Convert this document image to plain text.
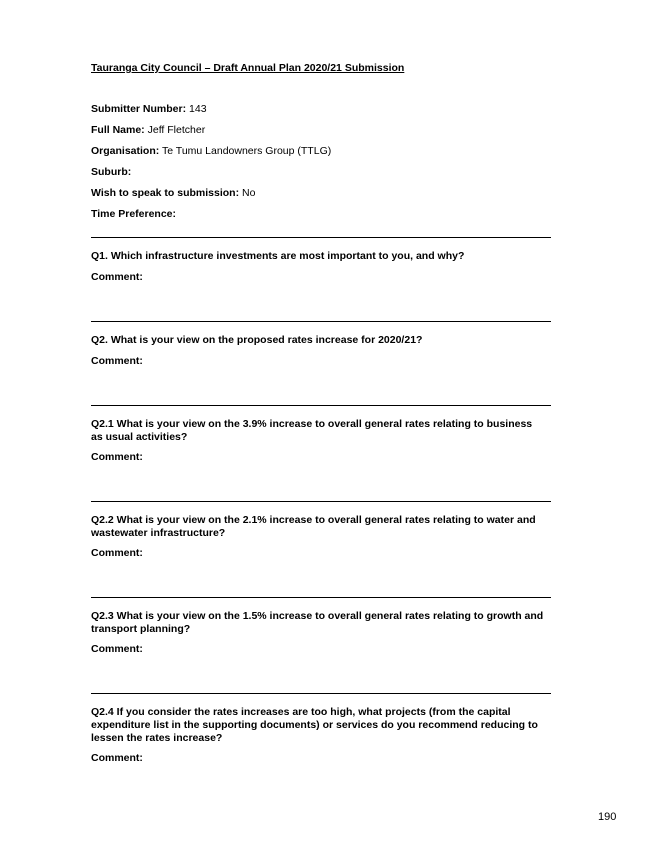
Tauranga City Council – Draft Annual Plan 2020/21 Submission
Submitter Number: 143
Full Name: Jeff Fletcher
Organisation: Te Tumu Landowners Group (TTLG)
Suburb:
Wish to speak to submission: No
Time Preference:
Q1. Which infrastructure investments are most important to you, and why?
Comment:
Q2. What is your view on the proposed rates increase for 2020/21?
Comment:
Q2.1 What is your view on the 3.9% increase to overall general rates relating to business as usual activities?
Comment:
Q2.2 What is your view on the 2.1% increase to overall general rates relating to water and wastewater infrastructure?
Comment:
Q2.3 What is your view on the 1.5% increase to overall general rates relating to growth and transport planning?
Comment:
Q2.4 If you consider the rates increases are too high, what projects (from the capital expenditure list in the supporting documents) or services do you recommend reducing to lessen the rates increase?
Comment:
190
